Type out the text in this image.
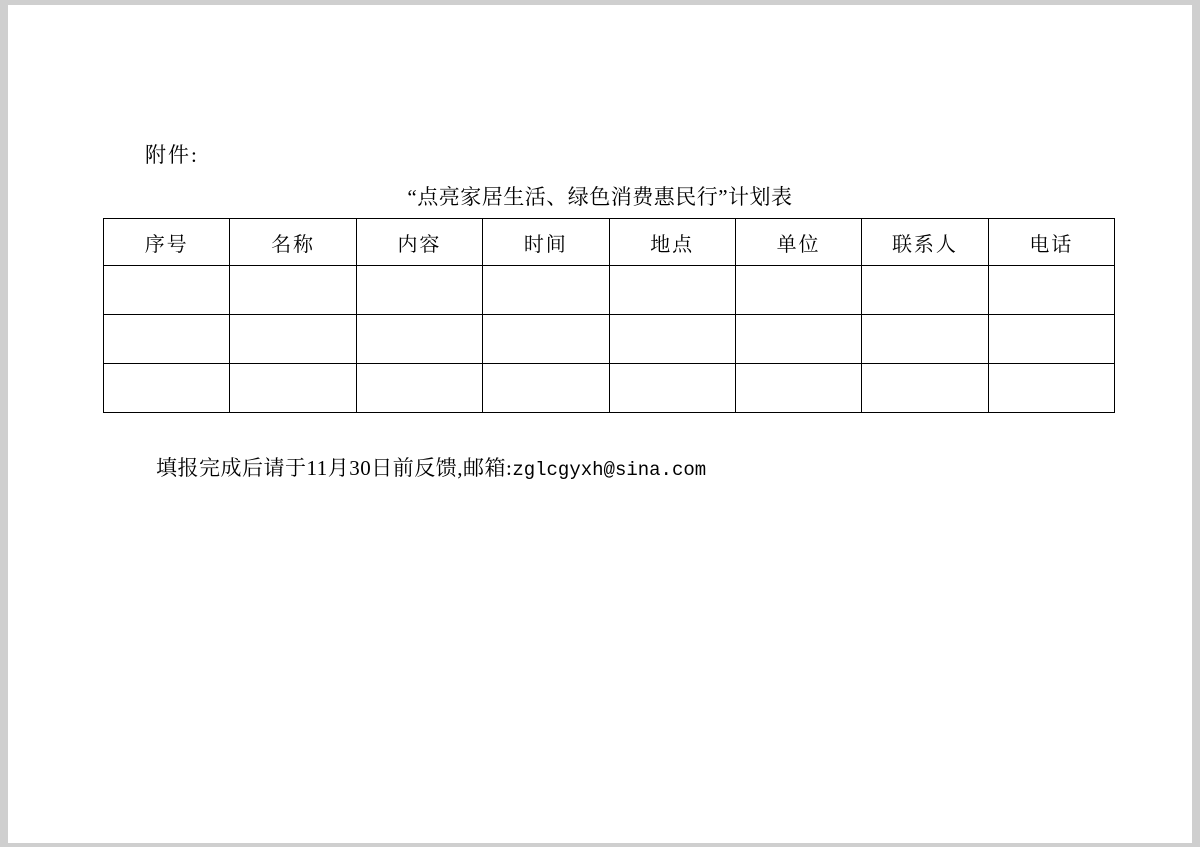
附件:
“点亮家居生活、绿色消费惠民行”计划表
序号	名称	内容	时间	地点	单位	联系人	电话

填报完成后请于11月30日前反馈,邮箱:zglcgyxh@sina.com
